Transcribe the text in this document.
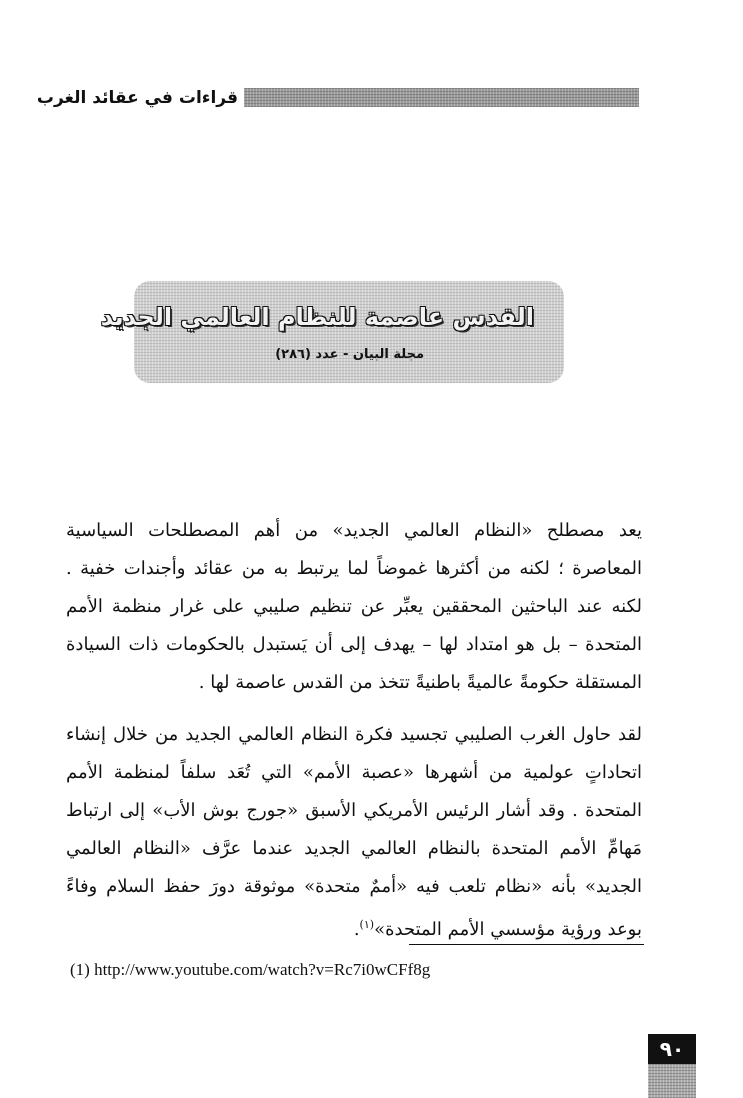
قراءات في عقائد الغرب
القدس عاصمة للنظام العالمي الجديد
مجلة البيان - عدد (٢٨٦)

يعد مصطلح «النظام العالمي الجديد» من أهم المصطلحات السياسية المعاصرة ؛ لكنه من أكثرها غموضاً لما يرتبط به من عقائد وأجندات خفية . لكنه عند الباحثين المحققين يعبِّر عن تنظيم صليبي على غرار منظمة الأمم المتحدة – بل هو امتداد لها – يهدف إلى أن يَستبدل بالحكومات ذات السيادة المستقلة حكومةً عالميةً باطنيةً تتخذ من القدس عاصمة لها .

لقد حاول الغرب الصليبي تجسيد فكرة النظام العالمي الجديد من خلال إنشاء اتحاداتٍ عولمية من أشهرها «عصبة الأمم» التي تُعَد سلفاً لمنظمة الأمم المتحدة . وقد أشار الرئيس الأمريكي الأسبق «جورج بوش الأب» إلى ارتباط مَهامِّ الأمم المتحدة بالنظام العالمي الجديد عندما عرَّف «النظام العالمي الجديد» بأنه «نظام تلعب فيه «أممٌ متحدة» موثوقة دورَ حفظ السلام وفاءً بوعد ورؤية مؤسسي الأمم المتحدة»$^{(١)}$.

(1) http://www.youtube.com/watch?v=Rc7i0wCFf8g
٩٠
